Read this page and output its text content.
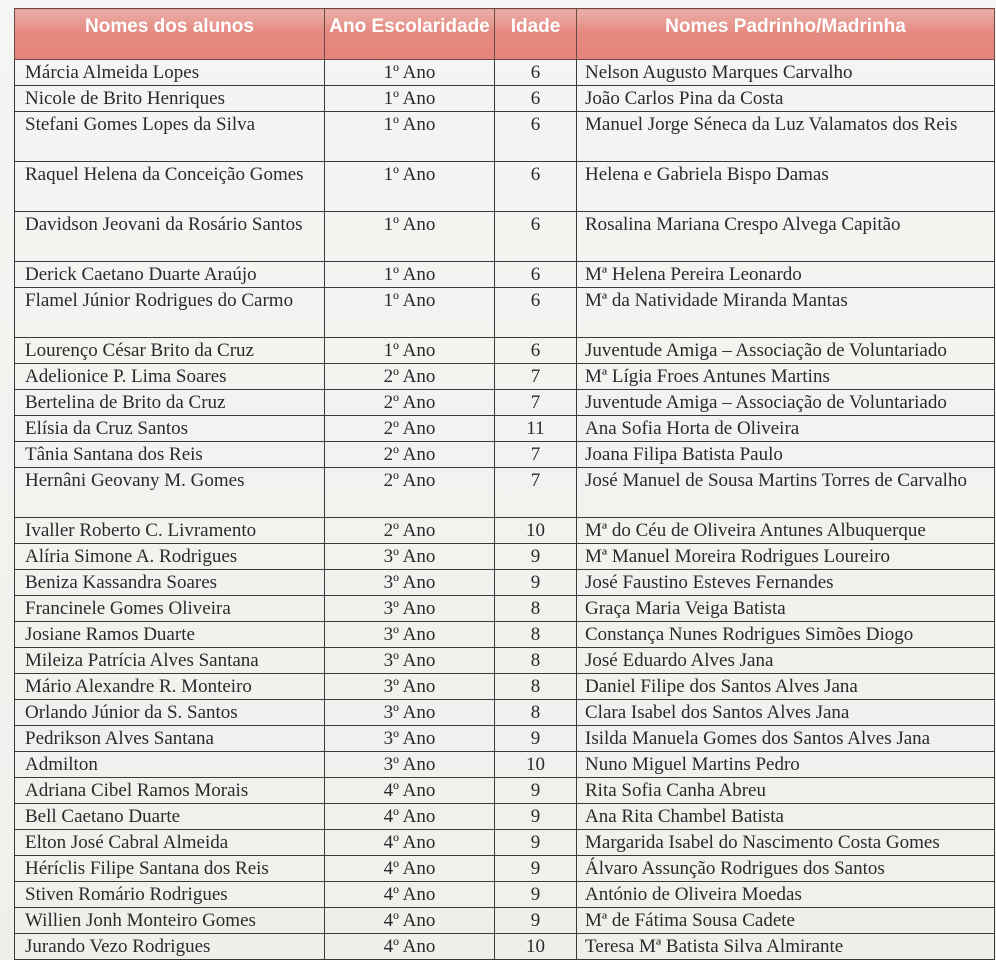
Nomes dos alunos	Ano Escolaridade	Idade	Nomes Padrinho/Madrinha
Márcia Almeida Lopes	1º Ano	6	Nelson Augusto Marques Carvalho
Nicole de Brito Henriques	1º Ano	6	João Carlos Pina da Costa
Stefani Gomes Lopes da Silva	1º Ano	6	Manuel Jorge Séneca da Luz Valamatos dos Reis
Raquel Helena da Conceição Gomes	1º Ano	6	Helena e Gabriela Bispo Damas
Davidson Jeovani da Rosário Santos	1º Ano	6	Rosalina Mariana Crespo Alvega Capitão
Derick Caetano Duarte Araújo	1º Ano	6	Mª Helena Pereira Leonardo
Flamel Júnior Rodrigues do Carmo	1º Ano	6	Mª da Natividade Miranda Mantas
Lourenço César Brito da Cruz	1º Ano	6	Juventude Amiga – Associação de Voluntariado
Adelionice P. Lima Soares	2º Ano	7	Mª Lígia Froes Antunes Martins
Bertelina de Brito da Cruz	2º Ano	7	Juventude Amiga – Associação de Voluntariado
Elísia da Cruz Santos	2º Ano	11	Ana Sofia Horta de Oliveira
Tânia Santana dos Reis	2º Ano	7	Joana Filipa Batista Paulo
Hernâni Geovany M. Gomes	2º Ano	7	José Manuel de Sousa Martins Torres de Carvalho
Ivaller Roberto C. Livramento	2º Ano	10	Mª do Céu de Oliveira Antunes Albuquerque
Alíria Simone A. Rodrigues	3º Ano	9	Mª Manuel Moreira Rodrigues Loureiro
Beniza Kassandra Soares	3º Ano	9	José Faustino Esteves Fernandes
Francinele Gomes Oliveira	3º Ano	8	Graça Maria Veiga Batista
Josiane Ramos Duarte	3º Ano	8	Constança Nunes Rodrigues Simões Diogo
Mileiza Patrícia Alves Santana	3º Ano	8	José Eduardo Alves Jana
Mário Alexandre R. Monteiro	3º Ano	8	Daniel Filipe dos Santos Alves Jana
Orlando Júnior da S. Santos	3º Ano	8	Clara Isabel dos Santos Alves Jana
Pedrikson Alves Santana	3º Ano	9	Isilda Manuela Gomes dos Santos Alves Jana
Admilton	3º Ano	10	Nuno Miguel Martins Pedro
Adriana Cibel Ramos Morais	4º Ano	9	Rita Sofia Canha Abreu
Bell Caetano Duarte	4º Ano	9	Ana Rita Chambel Batista
Elton José Cabral Almeida	4º Ano	9	Margarida Isabel do Nascimento Costa Gomes
Héríclis Filipe Santana dos Reis	4º Ano	9	Álvaro Assunção Rodrigues dos Santos
Stiven Romário Rodrigues	4º Ano	9	António de Oliveira Moedas
Willien Jonh Monteiro Gomes	4º Ano	9	Mª de Fátima Sousa Cadete
Jurando Vezo Rodrigues	4º Ano	10	Teresa Mª Batista Silva Almirante
